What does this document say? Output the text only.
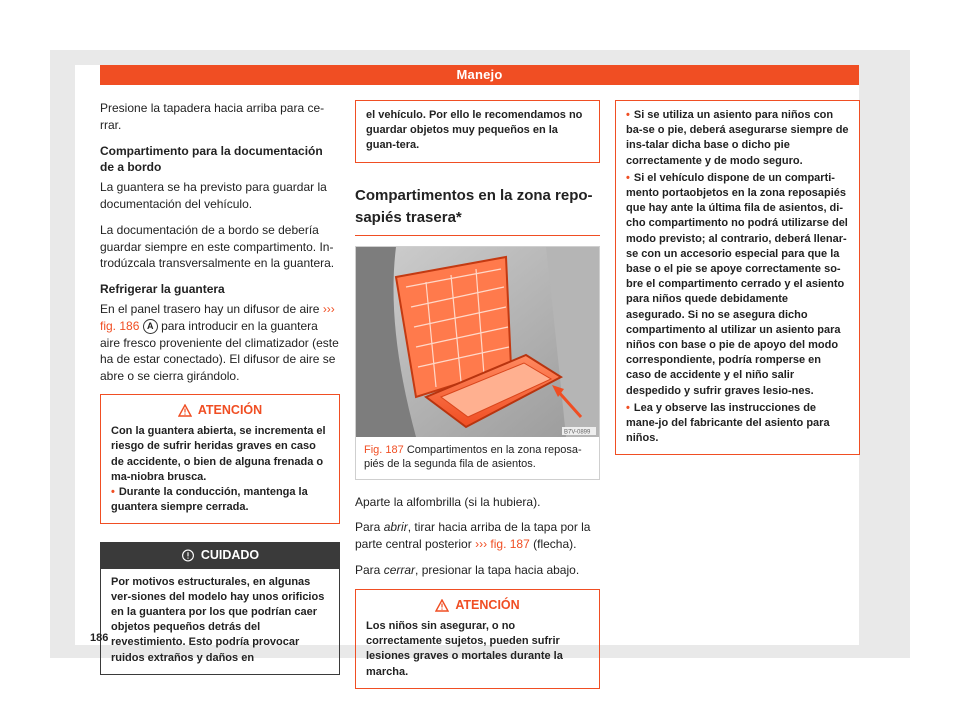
Manejo

Presione la tapadera hacia arriba para ce-rrar.

Compartimento para la documentación de a bordo

La guantera se ha previsto para guardar la documentación del vehículo.

La documentación de a bordo se debería guardar siempre en este compartimento. In-trodúzcala transversalmente en la guantera.

Refrigerar la guantera

En el panel trasero hay un difusor de aire ››› fig. 186 A para introducir en la guantera aire fresco proveniente del climatizador (este ha de estar conectado). El difusor de aire se abre o se cierra girándolo.

ATENCIÓN
Con la guantera abierta, se incrementa el riesgo de sufrir heridas graves en caso de accidente, o bien de alguna frenada o ma-niobra brusca.
• Durante la conducción, mantenga la guantera siempre cerrada.
CUIDADO
Por motivos estructurales, en algunas ver-siones del modelo hay unos orificios en la guantera por los que podrían caer objetos pequeños detrás del revestimiento. Esto podría provocar ruidos extraños y daños en
el vehículo. Por ello le recomendamos no guardar objetos muy pequeños en la guan-tera.
Compartimentos en la zona repo-sapiés trasera*
B7V-0899
Fig. 187 Compartimentos en la zona reposa-piés de la segunda fila de asientos.

Aparte la alfombrilla (si la hubiera).

Para abrir, tirar hacia arriba de la tapa por la parte central posterior ››› fig. 187 (flecha).

Para cerrar, presionar la tapa hacia abajo.

ATENCIÓN
Los niños sin asegurar, o no correctamente sujetos, pueden sufrir lesiones graves o mortales durante la marcha.
• Si se utiliza un asiento para niños con ba-se o pie, deberá asegurarse siempre de ins-talar dicha base o dicho pie correctamente y de modo seguro.
• Si el vehículo dispone de un comparti-mento portaobjetos en la zona reposapiés que hay ante la última fila de asientos, di-cho compartimento no podrá utilizarse del modo previsto; al contrario, deberá llenar-se con un accesorio especial para que la base o el pie se apoye correctamente so-bre el compartimento cerrado y el asiento para niños quede debidamente asegurado. Si no se asegura dicho compartimento al utilizar un asiento para niños con base o pie de apoyo del modo correspondiente, podría romperse en caso de accidente y el niño salir despedido y sufrir graves lesio-nes.
• Lea y observe las instrucciones de mane-jo del fabricante del asiento para niños.
186
